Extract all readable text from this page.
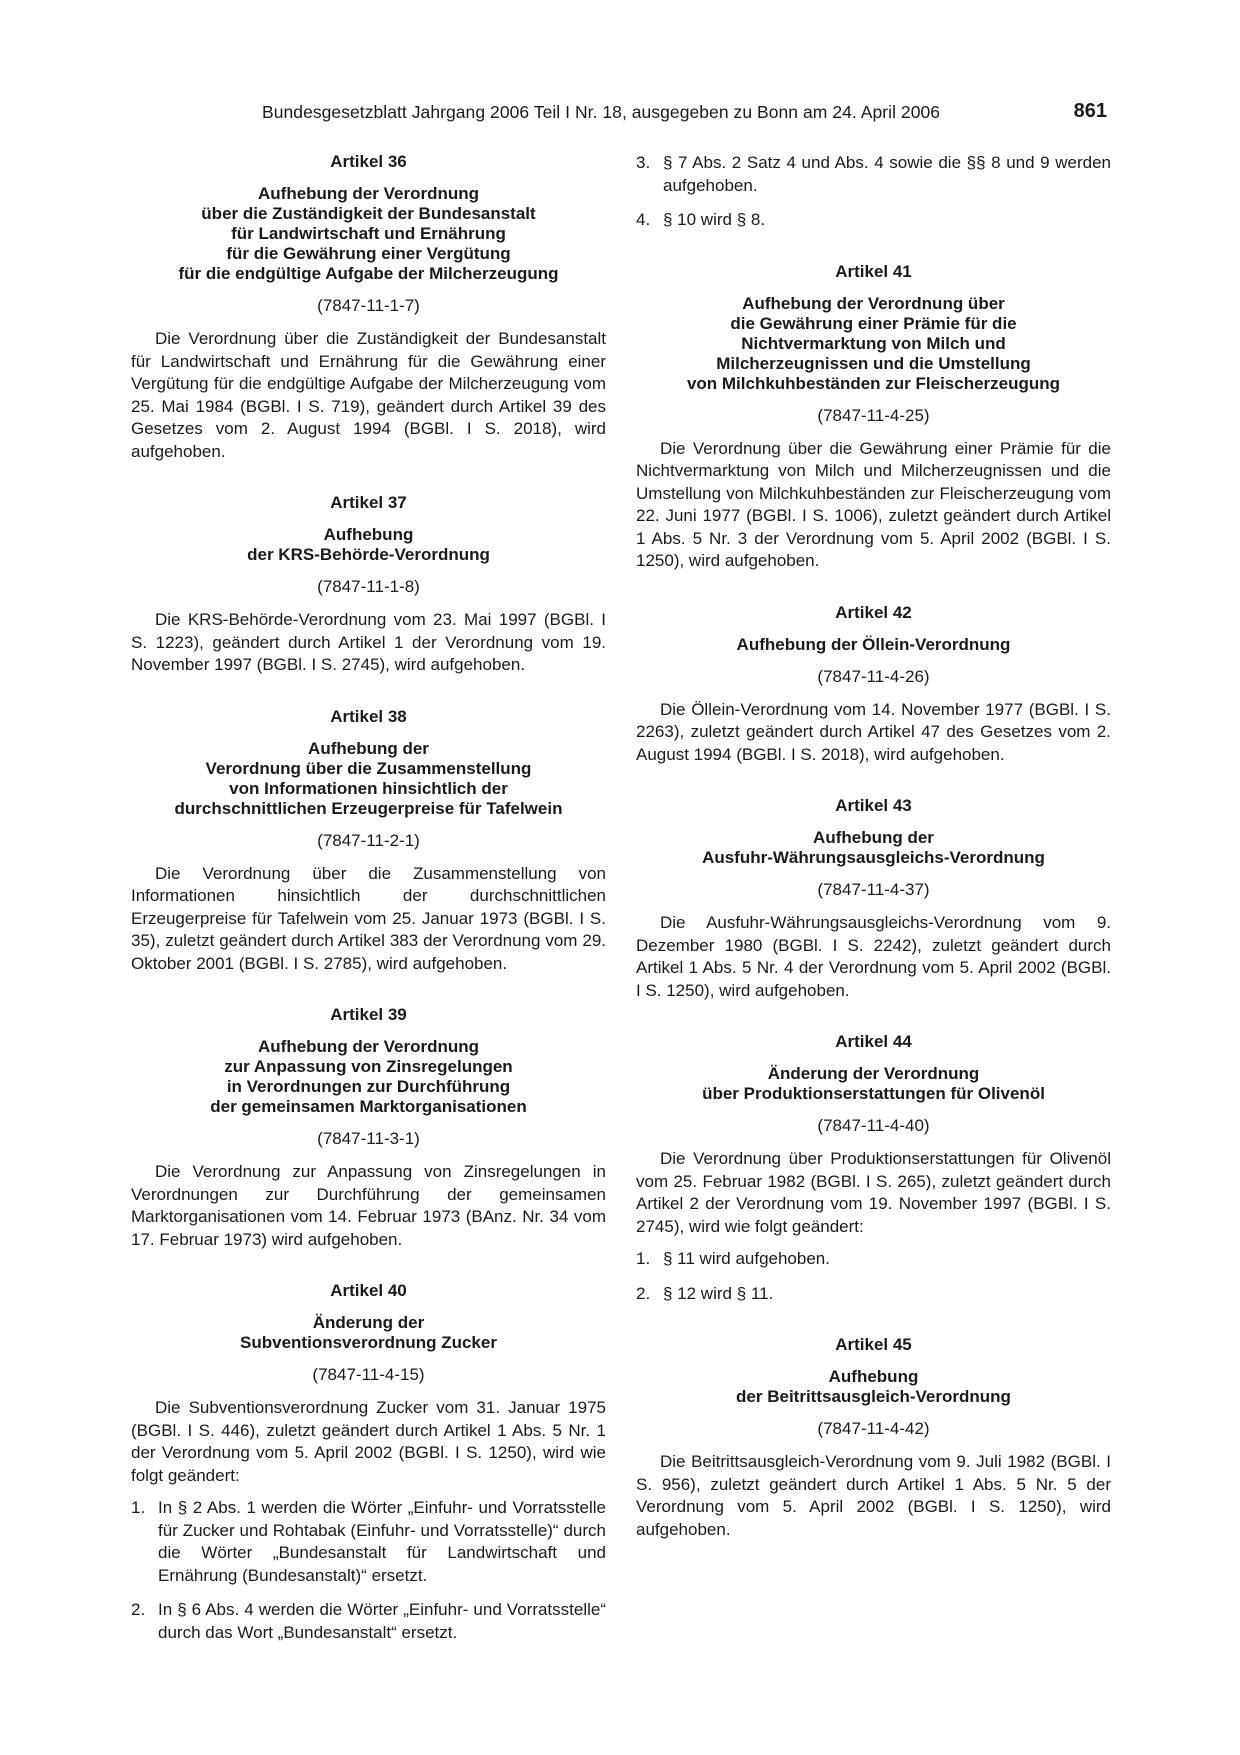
Bundesgesetzblatt Jahrgang 2006 Teil I Nr. 18, ausgegeben zu Bonn am 24. April 2006	861
Artikel 36
Aufhebung der Verordnung
über die Zuständigkeit der Bundesanstalt
für Landwirtschaft und Ernährung
für die Gewährung einer Vergütung
für die endgültige Aufgabe der Milcherzeugung
(7847-11-1-7)

Die Verordnung über die Zuständigkeit der Bundesanstalt für Landwirtschaft und Ernährung für die Gewährung einer Vergütung für die endgültige Aufgabe der Milcherzeugung vom 25. Mai 1984 (BGBl. I S. 719), geändert durch Artikel 39 des Gesetzes vom 2. August 1994 (BGBl. I S. 2018), wird aufgehoben.

Artikel 37
Aufhebung
der KRS-Behörde-Verordnung
(7847-11-1-8)

Die KRS-Behörde-Verordnung vom 23. Mai 1997 (BGBl. I S. 1223), geändert durch Artikel 1 der Verordnung vom 19. November 1997 (BGBl. I S. 2745), wird aufgehoben.

Artikel 38
Aufhebung der
Verordnung über die Zusammenstellung
von Informationen hinsichtlich der
durchschnittlichen Erzeugerpreise für Tafelwein
(7847-11-2-1)

Die Verordnung über die Zusammenstellung von Informationen hinsichtlich der durchschnittlichen Erzeugerpreise für Tafelwein vom 25. Januar 1973 (BGBl. I S. 35), zuletzt geändert durch Artikel 383 der Verordnung vom 29. Oktober 2001 (BGBl. I S. 2785), wird aufgehoben.

Artikel 39
Aufhebung der Verordnung
zur Anpassung von Zinsregelungen
in Verordnungen zur Durchführung
der gemeinsamen Marktorganisationen
(7847-11-3-1)

Die Verordnung zur Anpassung von Zinsregelungen in Verordnungen zur Durchführung der gemeinsamen Marktorganisationen vom 14. Februar 1973 (BAnz. Nr. 34 vom 17. Februar 1973) wird aufgehoben.

Artikel 40
Änderung der
Subventionsverordnung Zucker
(7847-11-4-15)

Die Subventionsverordnung Zucker vom 31. Januar 1975 (BGBl. I S. 446), zuletzt geändert durch Artikel 1 Abs. 5 Nr. 1 der Verordnung vom 5. April 2002 (BGBl. I S. 1250), wird wie folgt geändert:

1. In § 2 Abs. 1 werden die Wörter „Einfuhr- und Vorratsstelle für Zucker und Rohtabak (Einfuhr- und Vorratsstelle)“ durch die Wörter „Bundesanstalt für Landwirtschaft und Ernährung (Bundesanstalt)“ ersetzt.
2. In § 6 Abs. 4 werden die Wörter „Einfuhr- und Vorratsstelle“ durch das Wort „Bundesanstalt“ ersetzt.
3. § 7 Abs. 2 Satz 4 und Abs. 4 sowie die §§ 8 und 9 werden aufgehoben.
4. § 10 wird § 8.
Artikel 41
Aufhebung der Verordnung über
die Gewährung einer Prämie für die
Nichtvermarktung von Milch und
Milcherzeugnissen und die Umstellung
von Milchkuhbeständen zur Fleischerzeugung
(7847-11-4-25)

Die Verordnung über die Gewährung einer Prämie für die Nichtvermarktung von Milch und Milcherzeugnissen und die Umstellung von Milchkuhbeständen zur Fleischerzeugung vom 22. Juni 1977 (BGBl. I S. 1006), zuletzt geändert durch Artikel 1 Abs. 5 Nr. 3 der Verordnung vom 5. April 2002 (BGBl. I S. 1250), wird aufgehoben.

Artikel 42
Aufhebung der Öllein-Verordnung
(7847-11-4-26)

Die Öllein-Verordnung vom 14. November 1977 (BGBl. I S. 2263), zuletzt geändert durch Artikel 47 des Gesetzes vom 2. August 1994 (BGBl. I S. 2018), wird aufgehoben.

Artikel 43
Aufhebung der
Ausfuhr-Währungsausgleichs-Verordnung
(7847-11-4-37)

Die Ausfuhr-Währungsausgleichs-Verordnung vom 9. Dezember 1980 (BGBl. I S. 2242), zuletzt geändert durch Artikel 1 Abs. 5 Nr. 4 der Verordnung vom 5. April 2002 (BGBl. I S. 1250), wird aufgehoben.

Artikel 44
Änderung der Verordnung
über Produktionserstattungen für Olivenöl
(7847-11-4-40)

Die Verordnung über Produktionserstattungen für Olivenöl vom 25. Februar 1982 (BGBl. I S. 265), zuletzt geändert durch Artikel 2 der Verordnung vom 19. November 1997 (BGBl. I S. 2745), wird wie folgt geändert:

1. § 11 wird aufgehoben.
2. § 12 wird § 11.
Artikel 45
Aufhebung
der Beitrittsausgleich-Verordnung
(7847-11-4-42)

Die Beitrittsausgleich-Verordnung vom 9. Juli 1982 (BGBl. I S. 956), zuletzt geändert durch Artikel 1 Abs. 5 Nr. 5 der Verordnung vom 5. April 2002 (BGBl. I S. 1250), wird aufgehoben.
